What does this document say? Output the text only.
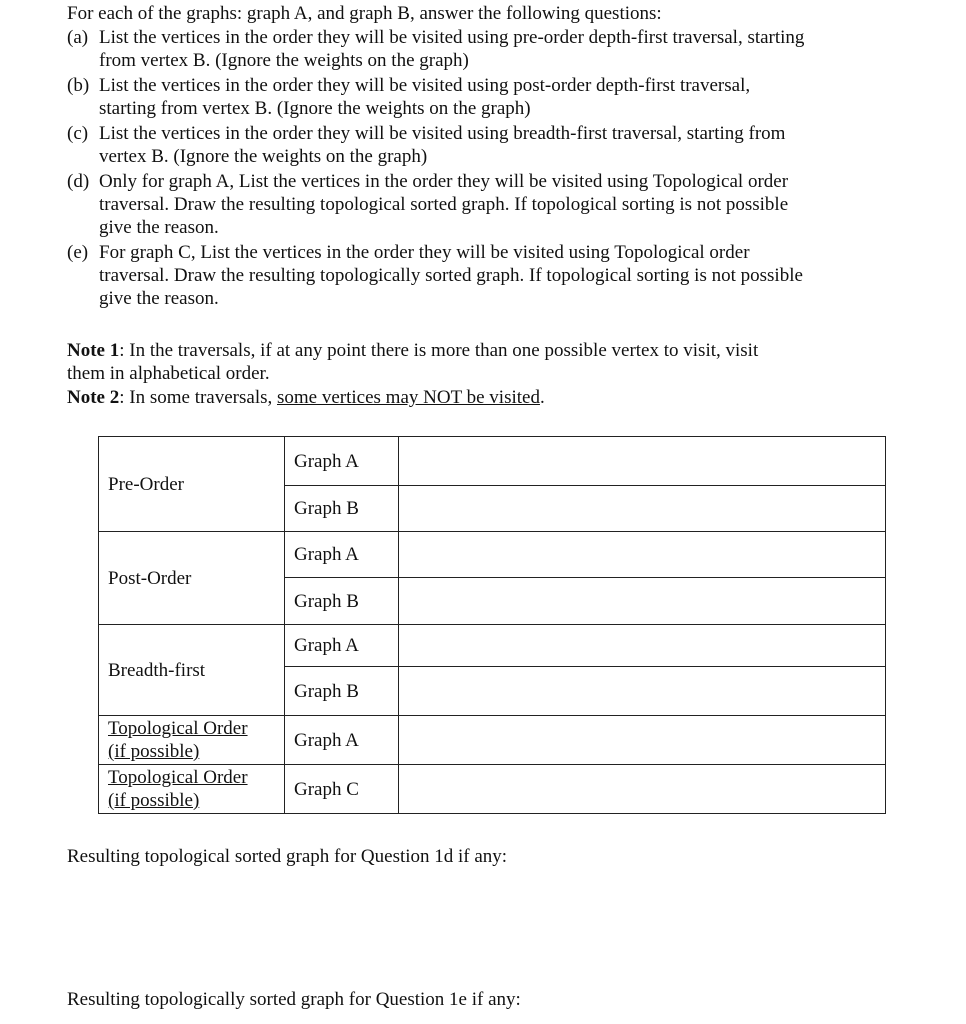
For each of the graphs: graph A, and graph B, answer the following questions:
(a) List the vertices in the order they will be visited using pre-order depth-first traversal, starting
from vertex B. (Ignore the weights on the graph)
(b) List the vertices in the order they will be visited using post-order depth-first traversal,
starting from vertex B. (Ignore the weights on the graph)
(c) List the vertices in the order they will be visited using breadth-first traversal, starting from
vertex B. (Ignore the weights on the graph)
(d) Only for graph A, List the vertices in the order they will be visited using Topological order
traversal. Draw the resulting topological sorted graph. If topological sorting is not possible
give the reason.
(e) For graph C, List the vertices in the order they will be visited using Topological order
traversal. Draw the resulting topologically sorted graph. If topological sorting is not possible
give the reason.
Note 1: In the traversals, if at any point there is more than one possible vertex to visit, visit
them in alphabetical order.
Note 2: In some traversals, some vertices may NOT be visited.
Pre-Order	Graph A	
	Graph B	
Post-Order	Graph A	
	Graph B	
Breadth-first	Graph A	
	Graph B	

Topological Order
(if possible)	Graph A	

Topological Order
(if possible)	Graph C	
Resulting topological sorted graph for Question 1d if any:
Resulting topologically sorted graph for Question 1e if any:
